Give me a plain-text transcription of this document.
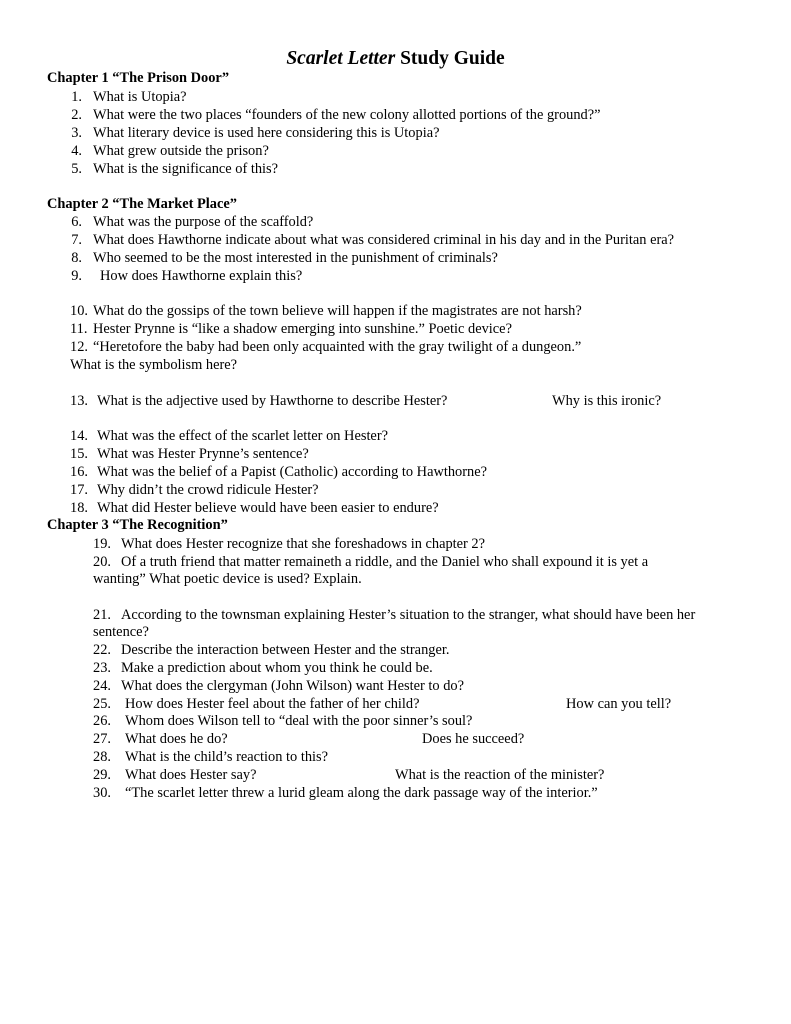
Scarlet Letter Study Guide
Chapter 1 “The Prison Door”
1. What is Utopia?
2. What were the two places “founders of the new colony allotted portions of the ground?”
3. What literary device is used here considering this is Utopia?
4. What grew outside the prison?
5. What is the significance of this?
Chapter 2 “The Market Place”
6. What was the purpose of the scaffold?
7. What does Hawthorne indicate about what was considered criminal in his day and in the Puritan era?
8. Who seemed to be the most interested in the punishment of criminals?
9. How does Hawthorne explain this?
10. What do the gossips of the town believe will happen if the magistrates are not harsh?
11. Hester Prynne is “like a shadow emerging into sunshine.” Poetic device?
12. “Heretofore the baby had been only acquainted with the gray twilight of a dungeon.”
What is the symbolism here?
13. What is the adjective used by Hawthorne to describe Hester?	Why is this ironic?
14. What was the effect of the scarlet letter on Hester?
15. What was Hester Prynne’s sentence?
16. What was the belief of a Papist (Catholic) according to Hawthorne?
17. Why didn’t the crowd ridicule Hester?
18. What did Hester believe would have been easier to endure?
Chapter 3 “The Recognition”
19. What does Hester recognize that she foreshadows in chapter 2?
20. Of a truth friend that matter remaineth a riddle, and the Daniel who shall expound it is yet a
wanting” What poetic device is used? Explain.
21. According to the townsman explaining Hester’s situation to the stranger, what should have been her
sentence?
22. Describe the interaction between Hester and the stranger.
23. Make a prediction about whom you think he could be.
24. What does the clergyman (John Wilson) want Hester to do?
25. How does Hester feel about the father of her child?	How can you tell?
26. Whom does Wilson tell to “deal with the poor sinner’s soul?
27. What does he do?	Does he succeed?
28. What is the child’s reaction to this?
29. What does Hester say?	What is the reaction of the minister?
30. “The scarlet letter threw a lurid gleam along the dark passage way of the interior.”
